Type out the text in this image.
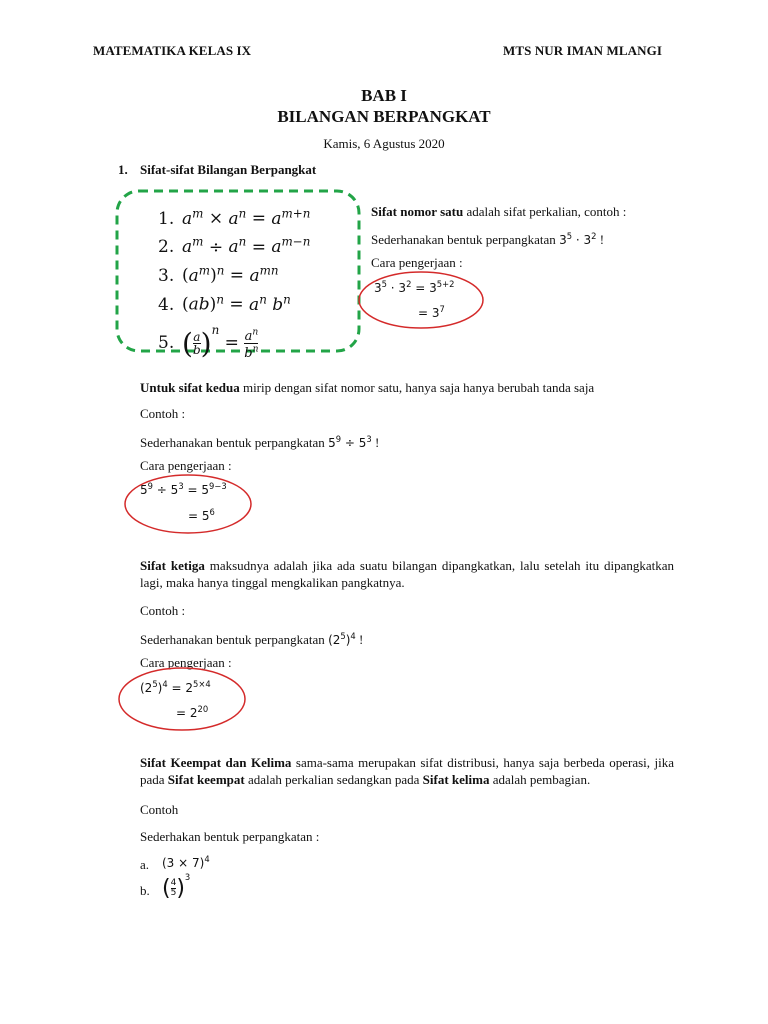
MATEMATIKA KELAS IX	MTS NUR IMAN MLANGI
BAB I
BILANGAN BERPANGKAT
Kamis, 6 Agustus 2020
1. Sifat-sifat Bilangan Berpangkat
1. $a^m \times a^n = a^{m+n}$
2. $a^m \div a^n = a^{m-n}$
3. $(a^m)^n = a^{mn}$
4. $(ab)^n = a^n$ $b^n$
5. ( $\frac{a}{b} )^n = \frac{a^n}{b^n}$
Sifat nomor satu adalah sifat perkalian, contoh :
Sederhanakan bentuk perpangkatan $3^5 \cdot 3^2$ !
Cara pengerjaan :
$3^5 \cdot 3^2 = 3^{5+2}$
= $3^7$
Untuk sifat kedua mirip dengan sifat nomor satu, hanya saja hanya berubah tanda saja
Contoh :
Sederhanakan bentuk perpangkatan $5^9 \div 5^3$ !
Cara pengerjaan :
$5^9 \div 5^3 = 5^{9-3}$
= $5^6$
Sifat ketiga maksudnya adalah jika ada suatu bilangan dipangkatkan, lalu setelah itu dipangkatkan lagi, maka hanya tinggal mengkalikan pangkatnya.
Contoh :
Sederhanakan bentuk perpangkatan $(2^5)^4$ !
Cara pengerjaan :
$(2^5)^4 = 2^{5\times 4}$
= $2^{20}$
Sifat Keempat dan Kelima sama-sama merupakan sifat distribusi, hanya saja berbeda operasi, jika pada Sifat keempat adalah perkalian sedangkan pada Sifat kelima adalah pembagian.
Contoh
Sederhakan bentuk perpangkatan :
a. $(3 \times 7)^4$
b. ( $\frac{4}{5} )^3$
